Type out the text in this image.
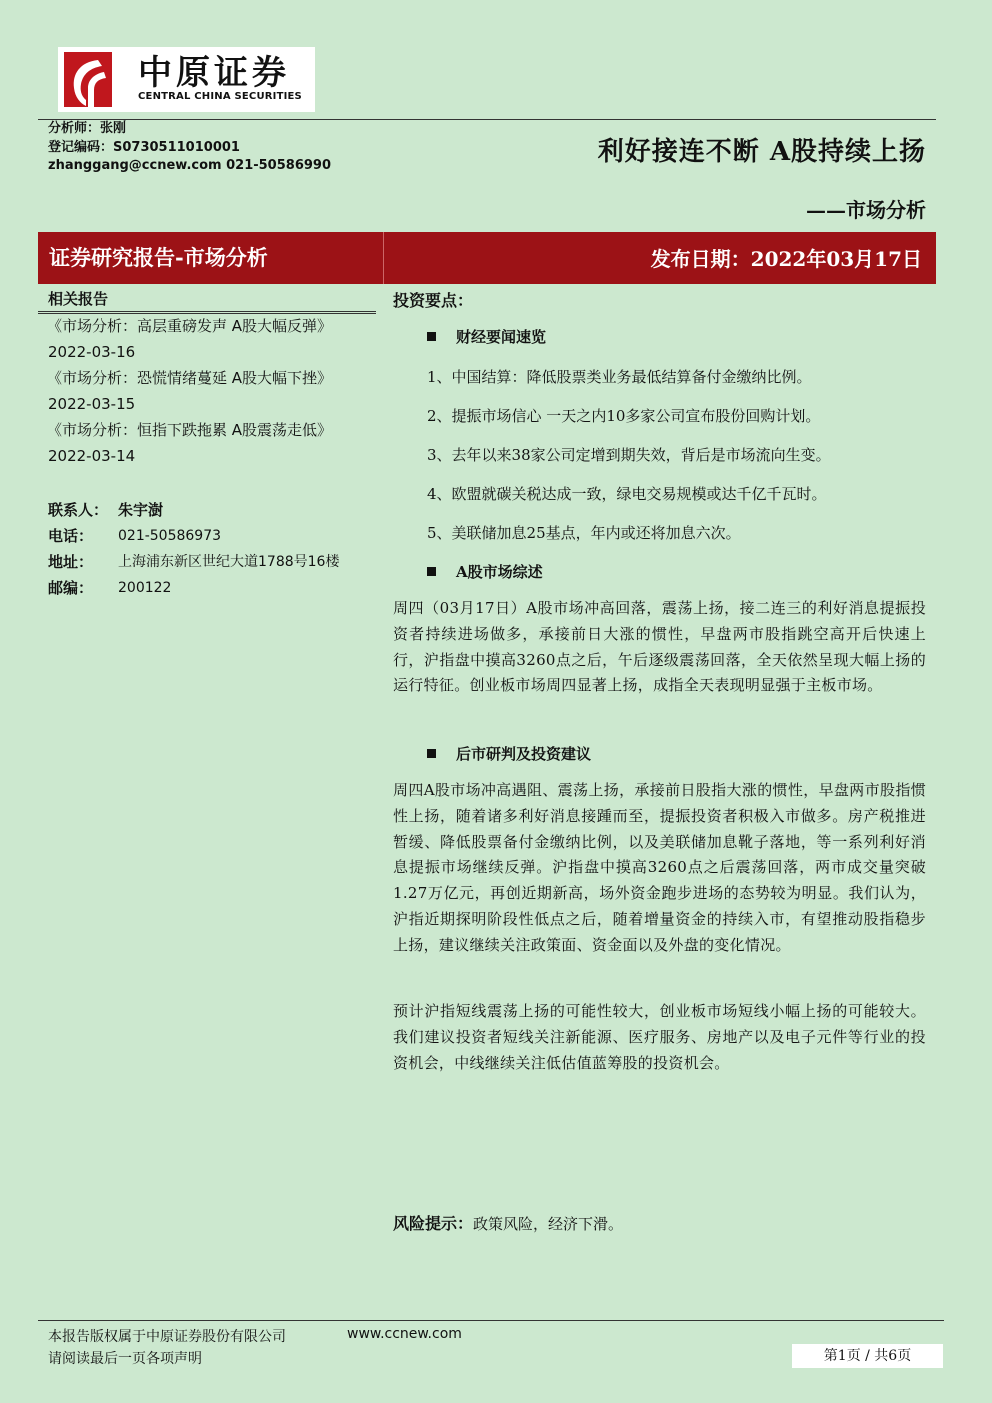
中原证券
CENTRAL CHINA SECURITIES
分析师：张刚
登记编码：S0730511010001
zhanggang@ccnew.com 021-50586990	利好接连不断 A股持续上扬
——市场分析
证券研究报告-市场分析	发布日期：2022年03月17日
相关报告
《市场分析：高层重磅发声 A股大幅反弹》
2022-03-16
《市场分析：恐慌情绪蔓延 A股大幅下挫》
2022-03-15
《市场分析：恒指下跌拖累 A股震荡走低》
2022-03-14
联系人： 朱宇澍
电话： 021-50586973
地址： 上海浦东新区世纪大道1788号16楼
邮编： 200122
投资要点：
财经要闻速览
1、中国结算：降低股票类业务最低结算备付金缴纳比例。
2、提振市场信心 一天之内10多家公司宣布股份回购计划。
3、去年以来38家公司定增到期失效，背后是市场流向生变。
4、欧盟就碳关税达成一致，绿电交易规模或达千亿千瓦时。
5、美联储加息25基点，年内或还将加息六次。
A股市场综述
周四（03月17日）A股市场冲高回落，震荡上扬，接二连三的利好消息提振投资者持续进场做多，承接前日大涨的惯性，早盘两市股指跳空高开后快速上行，沪指盘中摸高3260点之后，午后逐级震荡回落，全天依然呈现大幅上扬的运行特征。创业板市场周四显著上扬，成指全天表现明显强于主板市场。
后市研判及投资建议
周四A股市场冲高遇阻、震荡上扬，承接前日股指大涨的惯性，早盘两市股指惯性上扬，随着诸多利好消息接踵而至，提振投资者积极入市做多。房产税推进暂缓、降低股票备付金缴纳比例，以及美联储加息靴子落地，等一系列利好消息提振市场继续反弹。沪指盘中摸高3260点之后震荡回落，两市成交量突破1.27万亿元，再创近期新高，场外资金跑步进场的态势较为明显。我们认为，沪指近期探明阶段性低点之后，随着增量资金的持续入市，有望推动股指稳步上扬，建议继续关注政策面、资金面以及外盘的变化情况。
预计沪指短线震荡上扬的可能性较大，创业板市场短线小幅上扬的可能较大。我们建议投资者短线关注新能源、医疗服务、房地产以及电子元件等行业的投资机会，中线继续关注低估值蓝筹股的投资机会。
风险提示：政策风险，经济下滑。
本报告版权属于中原证券股份有限公司	www.ccnew.com
请阅读最后一页各项声明	第1页 / 共6页
